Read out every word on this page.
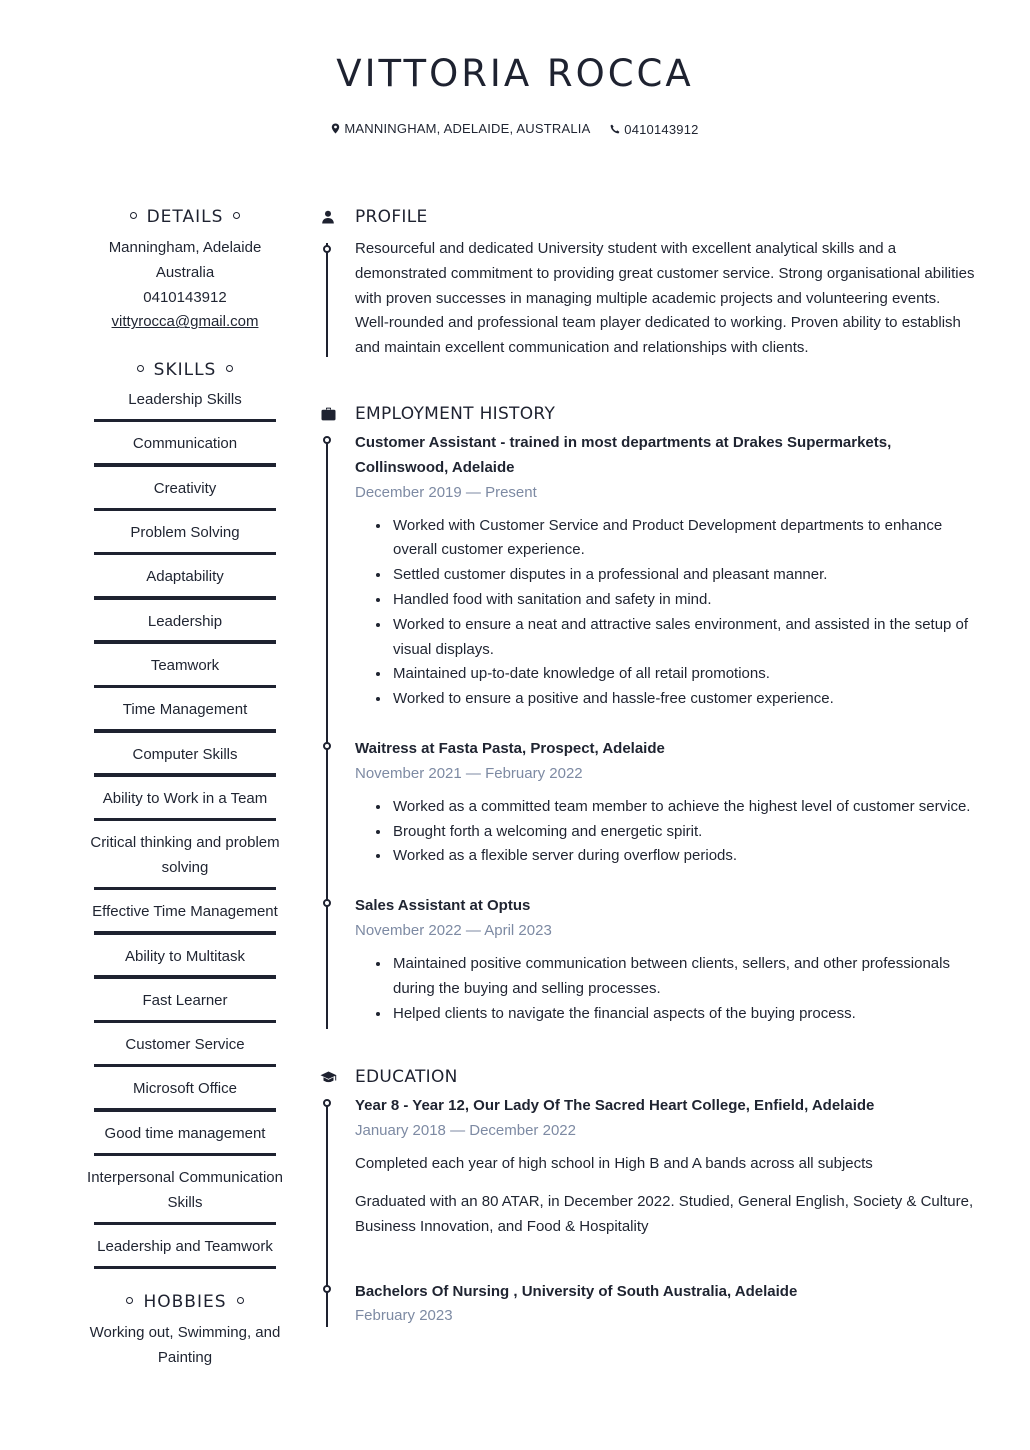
VITTORIA ROCCA
MANNINGHAM, ADELAIDE, AUSTRALIA
	0410143912
DETAILS
Manningham, Adelaide
Australia
0410143912
vittyrocca@gmail.com
SKILLS
Leadership Skills
Communication
Creativity
Problem Solving
Adaptability
Leadership
Teamwork
Time Management
Computer Skills
Ability to Work in a Team
Critical thinking and problem solving
Effective Time Management
Ability to Multitask
Fast Learner
Customer Service
Microsoft Office
Good time management
Interpersonal Communication Skills
Leadership and Teamwork
HOBBIES
Working out, Swimming, and Painting
PROFILE
Resourceful and dedicated University student with excellent analytical skills and a demonstrated commitment to providing great customer service. Strong organisational abilities with proven successes in managing multiple academic projects and volunteering events. Well-rounded and professional team player dedicated to working. Proven ability to establish and maintain excellent communication and relationships with clients.
EMPLOYMENT HISTORY
Customer Assistant - trained in most departments at Drakes Supermarkets, Collinswood, Adelaide
December 2019 — Present
Worked with Customer Service and Product Development departments to enhance overall customer experience.
Settled customer disputes in a professional and pleasant manner.
Handled food with sanitation and safety in mind.
Worked to ensure a neat and attractive sales environment, and assisted in the setup of visual displays.
Maintained up-to-date knowledge of all retail promotions.
Worked to ensure a positive and hassle-free customer experience.
Waitress at Fasta Pasta, Prospect, Adelaide
November 2021 — February 2022
Worked as a committed team member to achieve the highest level of customer service.
Brought forth a welcoming and energetic spirit.
Worked as a flexible server during overflow periods.
Sales Assistant at Optus
November 2022 — April 2023
Maintained positive communication between clients, sellers, and other professionals during the buying and selling processes.
Helped clients to navigate the financial aspects of the buying process.
EDUCATION
Year 8 - Year 12, Our Lady Of The Sacred Heart College, Enfield, Adelaide
January 2018 — December 2022
Completed each year of high school in High B and A bands across all subjects
Graduated with an 80 ATAR, in December 2022. Studied, General English, Society & Culture, Business Innovation, and Food & Hospitality
Bachelors Of Nursing , University of South Australia, Adelaide
February 2023
